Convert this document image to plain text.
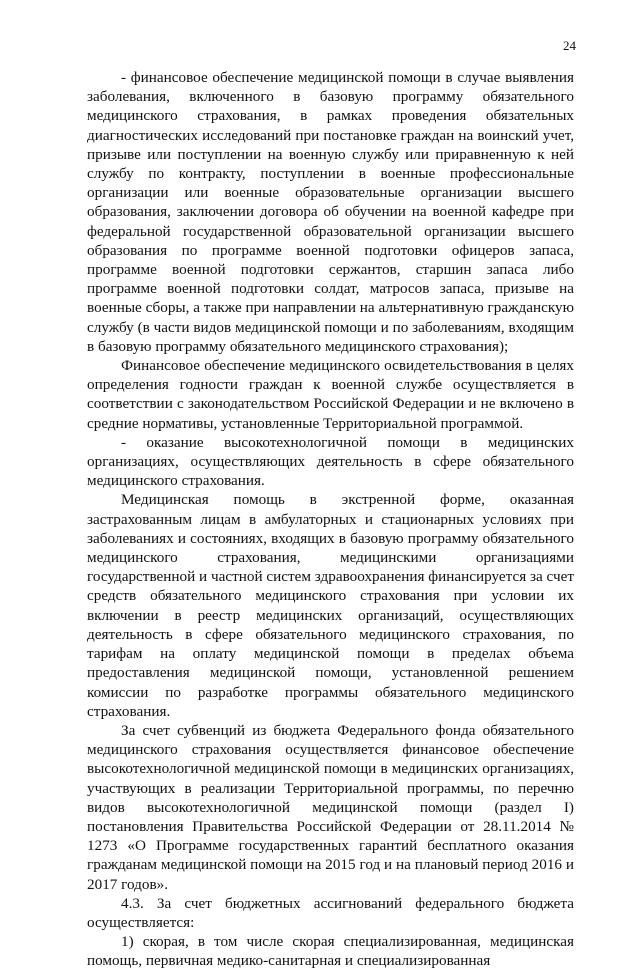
24

- финансовое обеспечение медицинской помощи в случае выявления заболевания, включенного в базовую программу обязательного медицинского страхования, в рамках проведения обязательных диагностических исследований при постановке граждан на воинский учет, призыве или поступлении на военную службу или приравненную к ней службу по контракту, поступлении в военные профессиональные организации или военные образовательные организации высшего образования, заключении договора об обучении на военной кафедре при федеральной государственной образовательной организации высшего образования по программе военной подготовки офицеров запаса, программе военной подготовки сержантов, старшин запаса либо программе военной подготовки солдат, матросов запаса, призыве на военные сборы, а также при направлении на альтернативную гражданскую службу (в части видов медицинской помощи и по заболеваниям, входящим в базовую программу обязательного медицинского страхования);

Финансовое обеспечение медицинского освидетельствования в целях определения годности граждан к военной службе осуществляется в соответствии с законодательством Российской Федерации и не включено в средние нормативы, установленные Территориальной программой.

- оказание высокотехнологичной помощи в медицинских организациях, осуществляющих деятельность в сфере обязательного медицинского страхования.

Медицинская помощь в экстренной форме, оказанная застрахованным лицам в амбулаторных и стационарных условиях при заболеваниях и состояниях, входящих в базовую программу обязательного медицинского страхования, медицинскими организациями государственной и частной систем здравоохранения финансируется за счет средств обязательного медицинского страхования при условии их включении в реестр медицинских организаций, осуществляющих деятельность в сфере обязательного медицинского страхования, по тарифам на оплату медицинской помощи в пределах объема предоставления медицинской помощи, установленной решением комиссии по разработке программы обязательного медицинского страхования.

За счет субвенций из бюджета Федерального фонда обязательного медицинского страхования осуществляется финансовое обеспечение высокотехнологичной медицинской помощи в медицинских организациях, участвующих в реализации Территориальной программы, по перечню видов высокотехнологичной медицинской помощи (раздел I) постановления Правительства Российской Федерации от 28.11.2014 № 1273 «О Программе государственных гарантий бесплатного оказания гражданам медицинской помощи на 2015 год и на плановый период 2016 и 2017 годов».

4.3. За счет бюджетных ассигнований федерального бюджета осуществляется:

1) скорая, в том числе скорая специализированная, медицинская помощь, первичная медико-санитарная и специализированная
